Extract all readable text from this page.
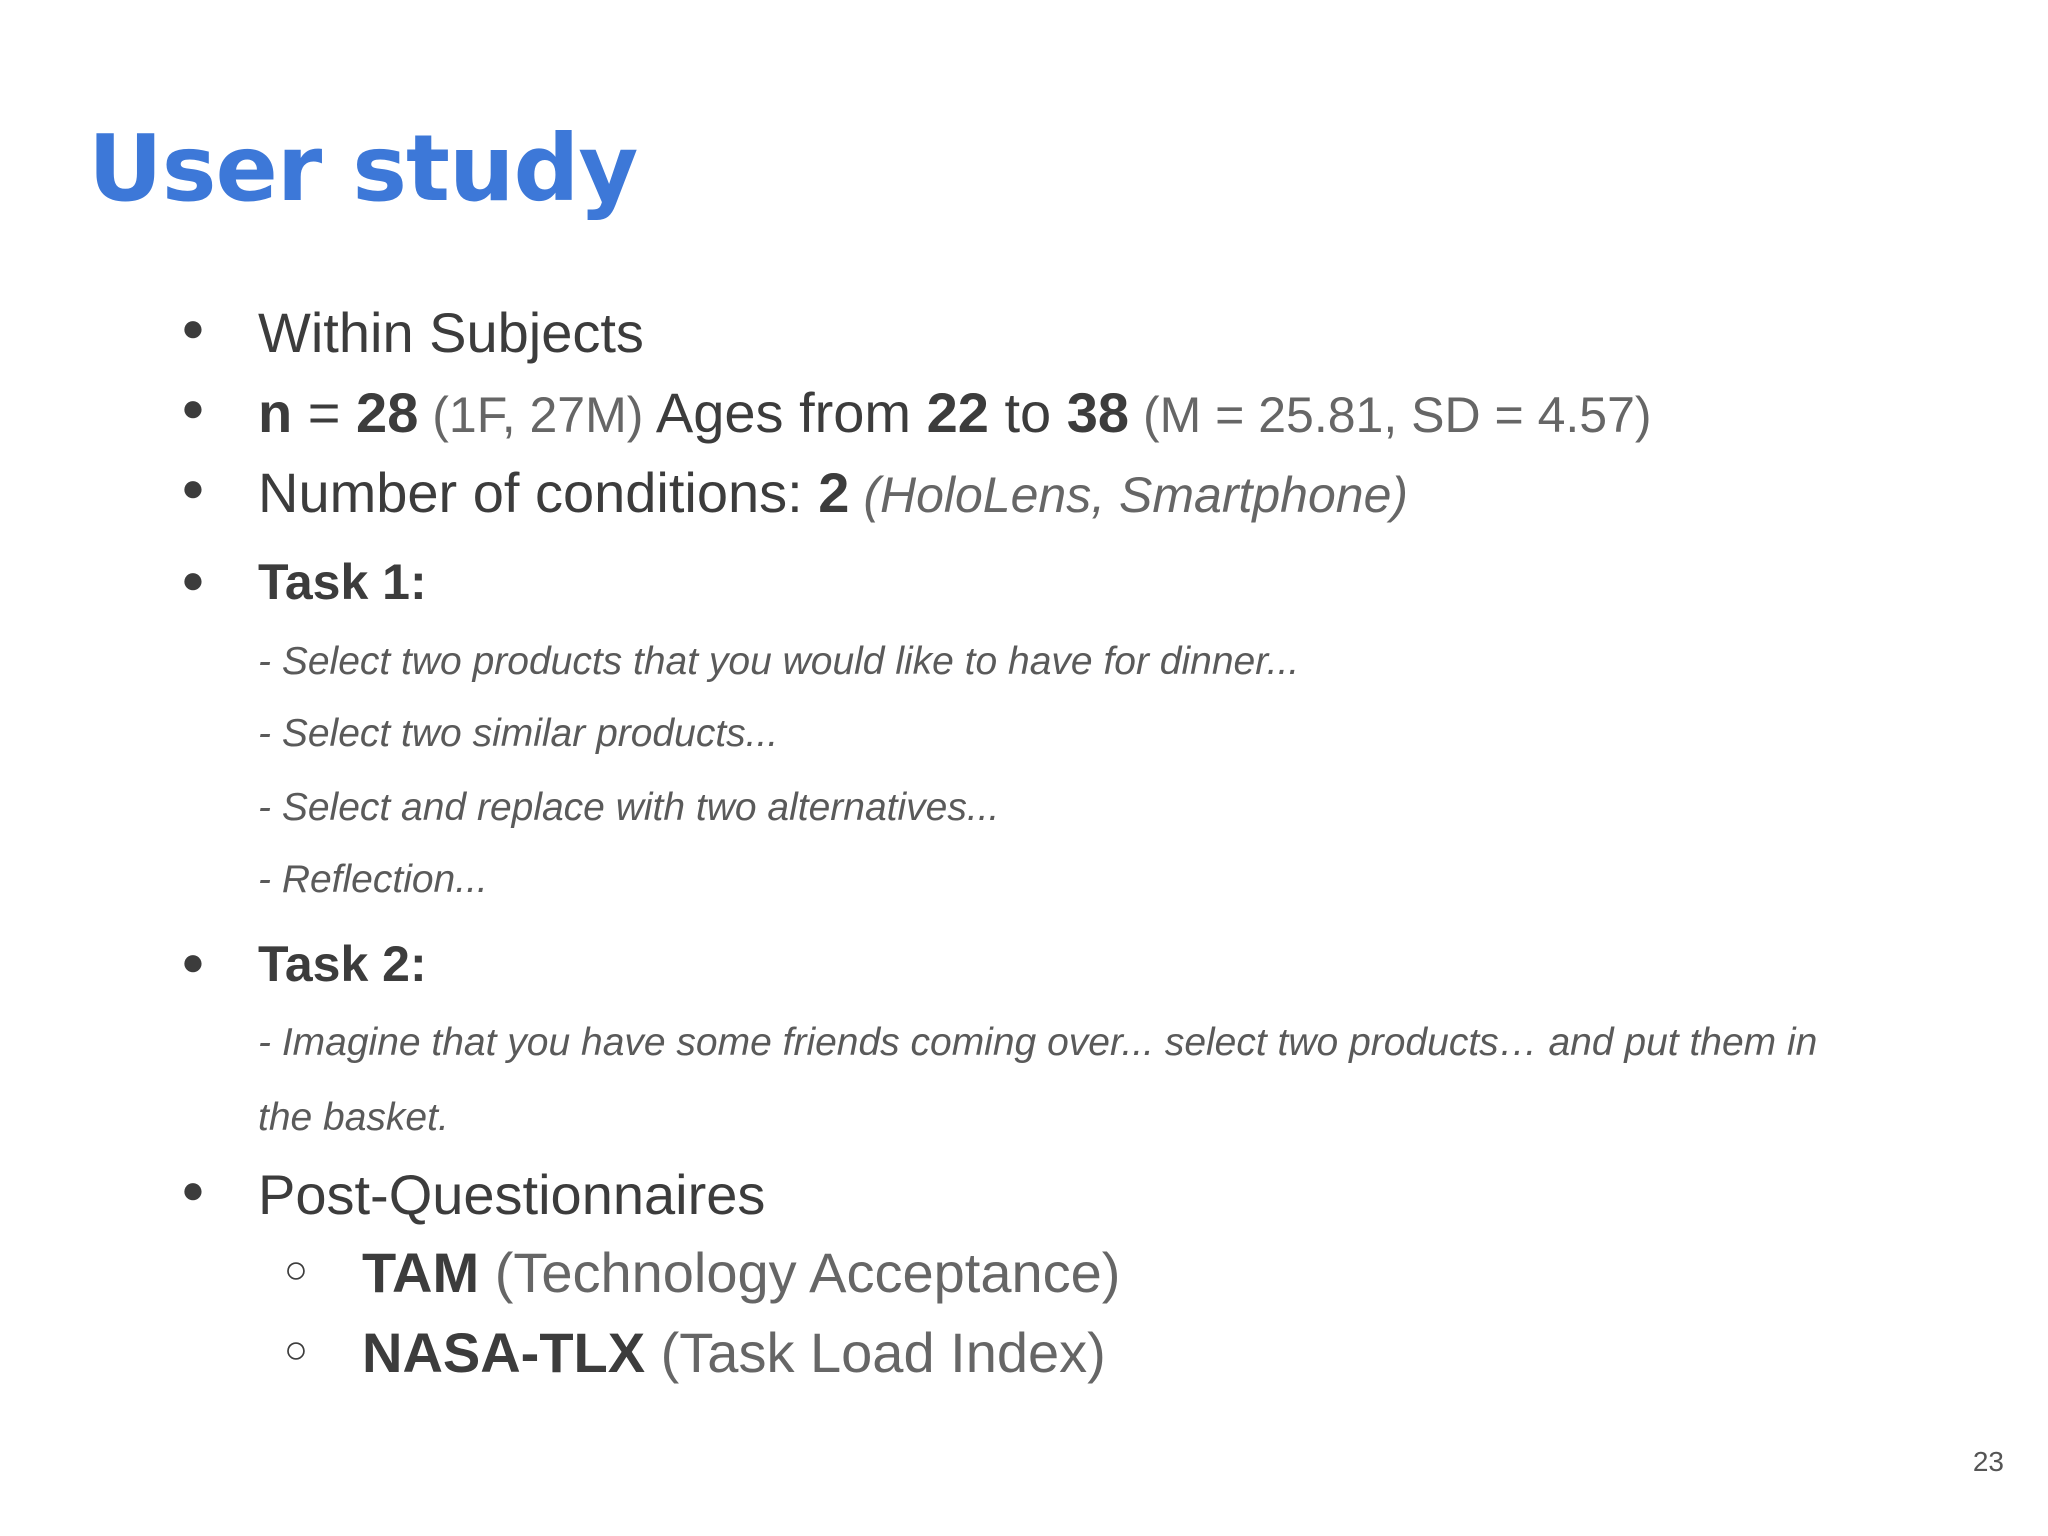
User study
● Within Subjects
● n = 28 (1F, 27M) Ages from 22 to 38 (M = 25.81, SD = 4.57)
● Number of conditions: 2 (HoloLens, Smartphone)
● Task 1:
- Select two products that you would like to have for dinner...
- Select two similar products...
- Select and replace with two alternatives...
- Reflection...
● Task 2:
- Imagine that you have some friends coming over... select two products… and put them in
the basket.
● Post-Questionnaires
○ TAM (Technology Acceptance)
○ NASA-TLX (Task Load Index)
23
